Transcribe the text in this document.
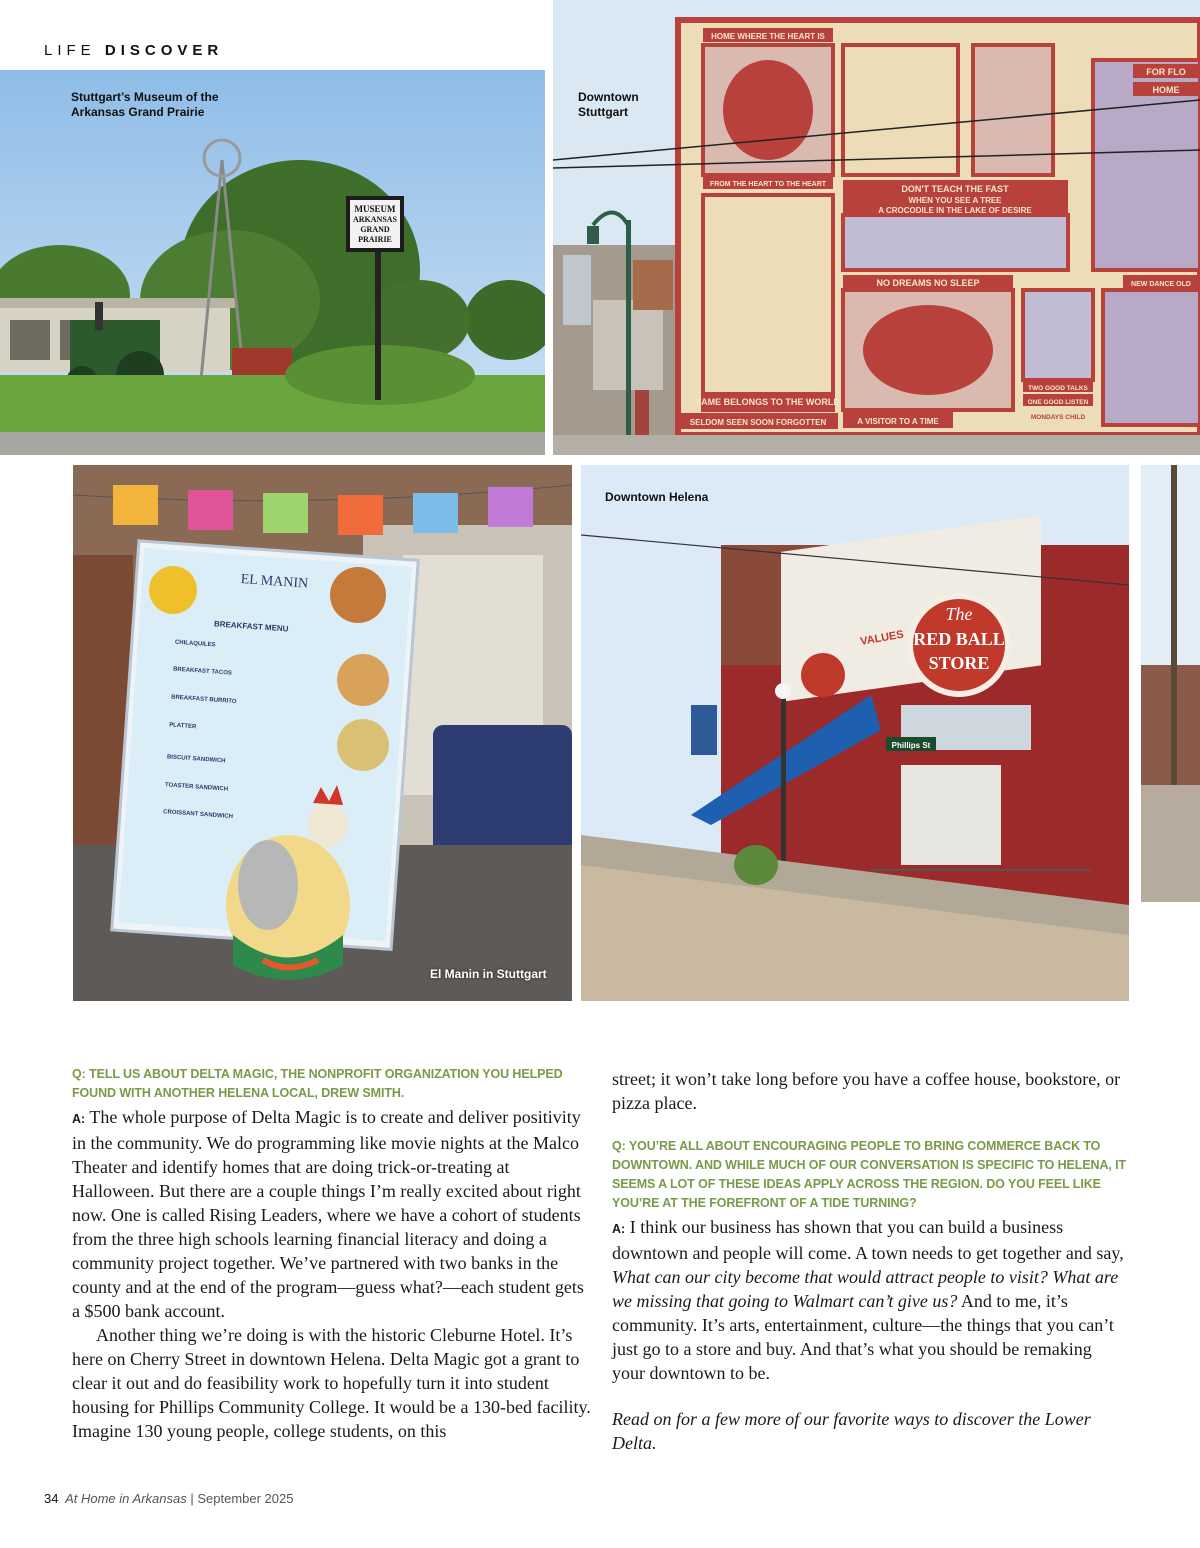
LIFE DISCOVER
MUSEUM
ARKANSAS
GRAND
PRAIRIE
Stuttgart’s Museum of the Arkansas Grand Prairie
HOME WHERE THE HEART IS
FROM THE HEART TO THE HEART	DON'T TEACH THE FAST
WHEN YOU SEE A TREE
A CROCODILE IN THE LAKE OF DESIRE
NO DREAMS NO SLEEP
FAME BELONGS TO THE WORLD
SELDOM SEEN SOON FORGOTTEN	A VISITOR TO A TIME
TWO GOOD TALKS
ONE GOOD LISTEN
MONDAYS CHILD
NEW DANCE OLD
FOR FLO
HOME
Downtown Stuttgart
EL MANIN
BREAKFAST MENU
CHILAQUILES
BREAKFAST TACOS
BREAKFAST BURRITO
PLATTER
BISCUIT SANDWICH
TOASTER SANDWICH
CROISSANT SANDWICH
El Manin in Stuttgart
The
RED BALL
STORE
VALUES
Phillips St
Downtown Helena
Q: TELL US ABOUT DELTA MAGIC, THE NONPROFIT ORGANIZATION YOU HELPED FOUND WITH ANOTHER HELENA LOCAL, DREW SMITH.

A: The whole purpose of Delta Magic is to create and deliver positivity in the community. We do programming like movie nights at the Malco Theater and identify homes that are doing trick-or-treating at Halloween. But there are a couple things I’m really excited about right now. One is called Rising Leaders, where we have a cohort of students from the three high schools learning financial literacy and doing a community project together. We’ve partnered with two banks in the county and at the end of the program—guess what?—each student gets a $500 bank account.

Another thing we’re doing is with the historic Cleburne Hotel. It’s here on Cherry Street in downtown Helena. Delta Magic got a grant to clear it out and do feasibility work to hopefully turn it into student housing for Phillips Community College. It would be a 130-bed facility. Imagine 130 young people, college students, on this

street; it won’t take long before you have a coffee house, bookstore, or pizza place.

Q: YOU’RE ALL ABOUT ENCOURAGING PEOPLE TO BRING COMMERCE BACK TO DOWNTOWN. AND WHILE MUCH OF OUR CONVERSATION IS SPECIFIC TO HELENA, IT SEEMS A LOT OF THESE IDEAS APPLY ACROSS THE REGION. DO YOU FEEL LIKE YOU’RE AT THE FOREFRONT OF A TIDE TURNING?

A: I think our business has shown that you can build a business downtown and people will come. A town needs to get together and say, What can our city become that would attract people to visit? What are we missing that going to Walmart can’t give us? And to me, it’s community. It’s arts, entertainment, culture—the things that you can’t just go to a store and buy. And that’s what you should be remaking your downtown to be.

Read on for a few more of our favorite ways to discover the Lower Delta.

34 At Home in Arkansas | September 2025
